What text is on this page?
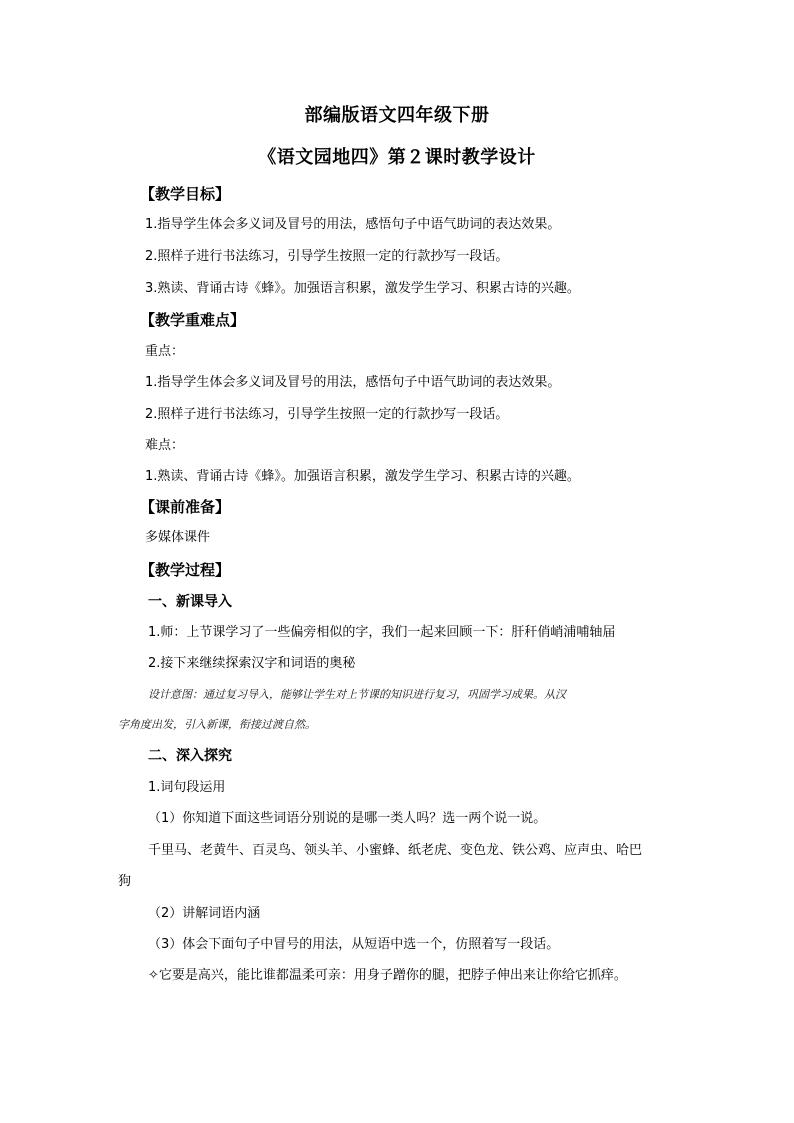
部编版语文四年级下册
《语文园地四》第２课时教学设计
【教学目标】
1.指导学生体会多义词及冒号的用法，感悟句子中语气助词的表达效果。
2.照样子进行书法练习，引导学生按照一定的行款抄写一段话。
3.熟读、背诵古诗《蜂》。加强语言积累，激发学生学习、积累古诗的兴趣。
【教学重难点】
重点：
1.指导学生体会多义词及冒号的用法，感悟句子中语气助词的表达效果。
2.照样子进行书法练习，引导学生按照一定的行款抄写一段话。
难点：
1.熟读、背诵古诗《蜂》。加强语言积累，激发学生学习、积累古诗的兴趣。
【课前准备】
多媒体课件
【教学过程】
一、新课导入
1.师：上节课学习了一些偏旁相似的字，我们一起来回顾一下：肝秆俏峭浦哺轴届
2.接下来继续探索汉字和词语的奥秘
设计意图：通过复习导入，能够让学生对上节课的知识进行复习，巩固学习成果。从汉
字角度出发，引入新课，衔接过渡自然。
二、深入探究
1.词句段运用
（1）你知道下面这些词语分别说的是哪一类人吗？选一两个说一说。
千里马、老黄牛、百灵鸟、领头羊、小蜜蜂、纸老虎、变色龙、铁公鸡、应声虫、哈巴
狗
（2）讲解词语内涵
（3）体会下面句子中冒号的用法，从短语中选一个，仿照着写一段话。
✧它要是高兴，能比谁都温柔可亲：用身子蹭你的腿，把脖子伸出来让你给它抓痒。
